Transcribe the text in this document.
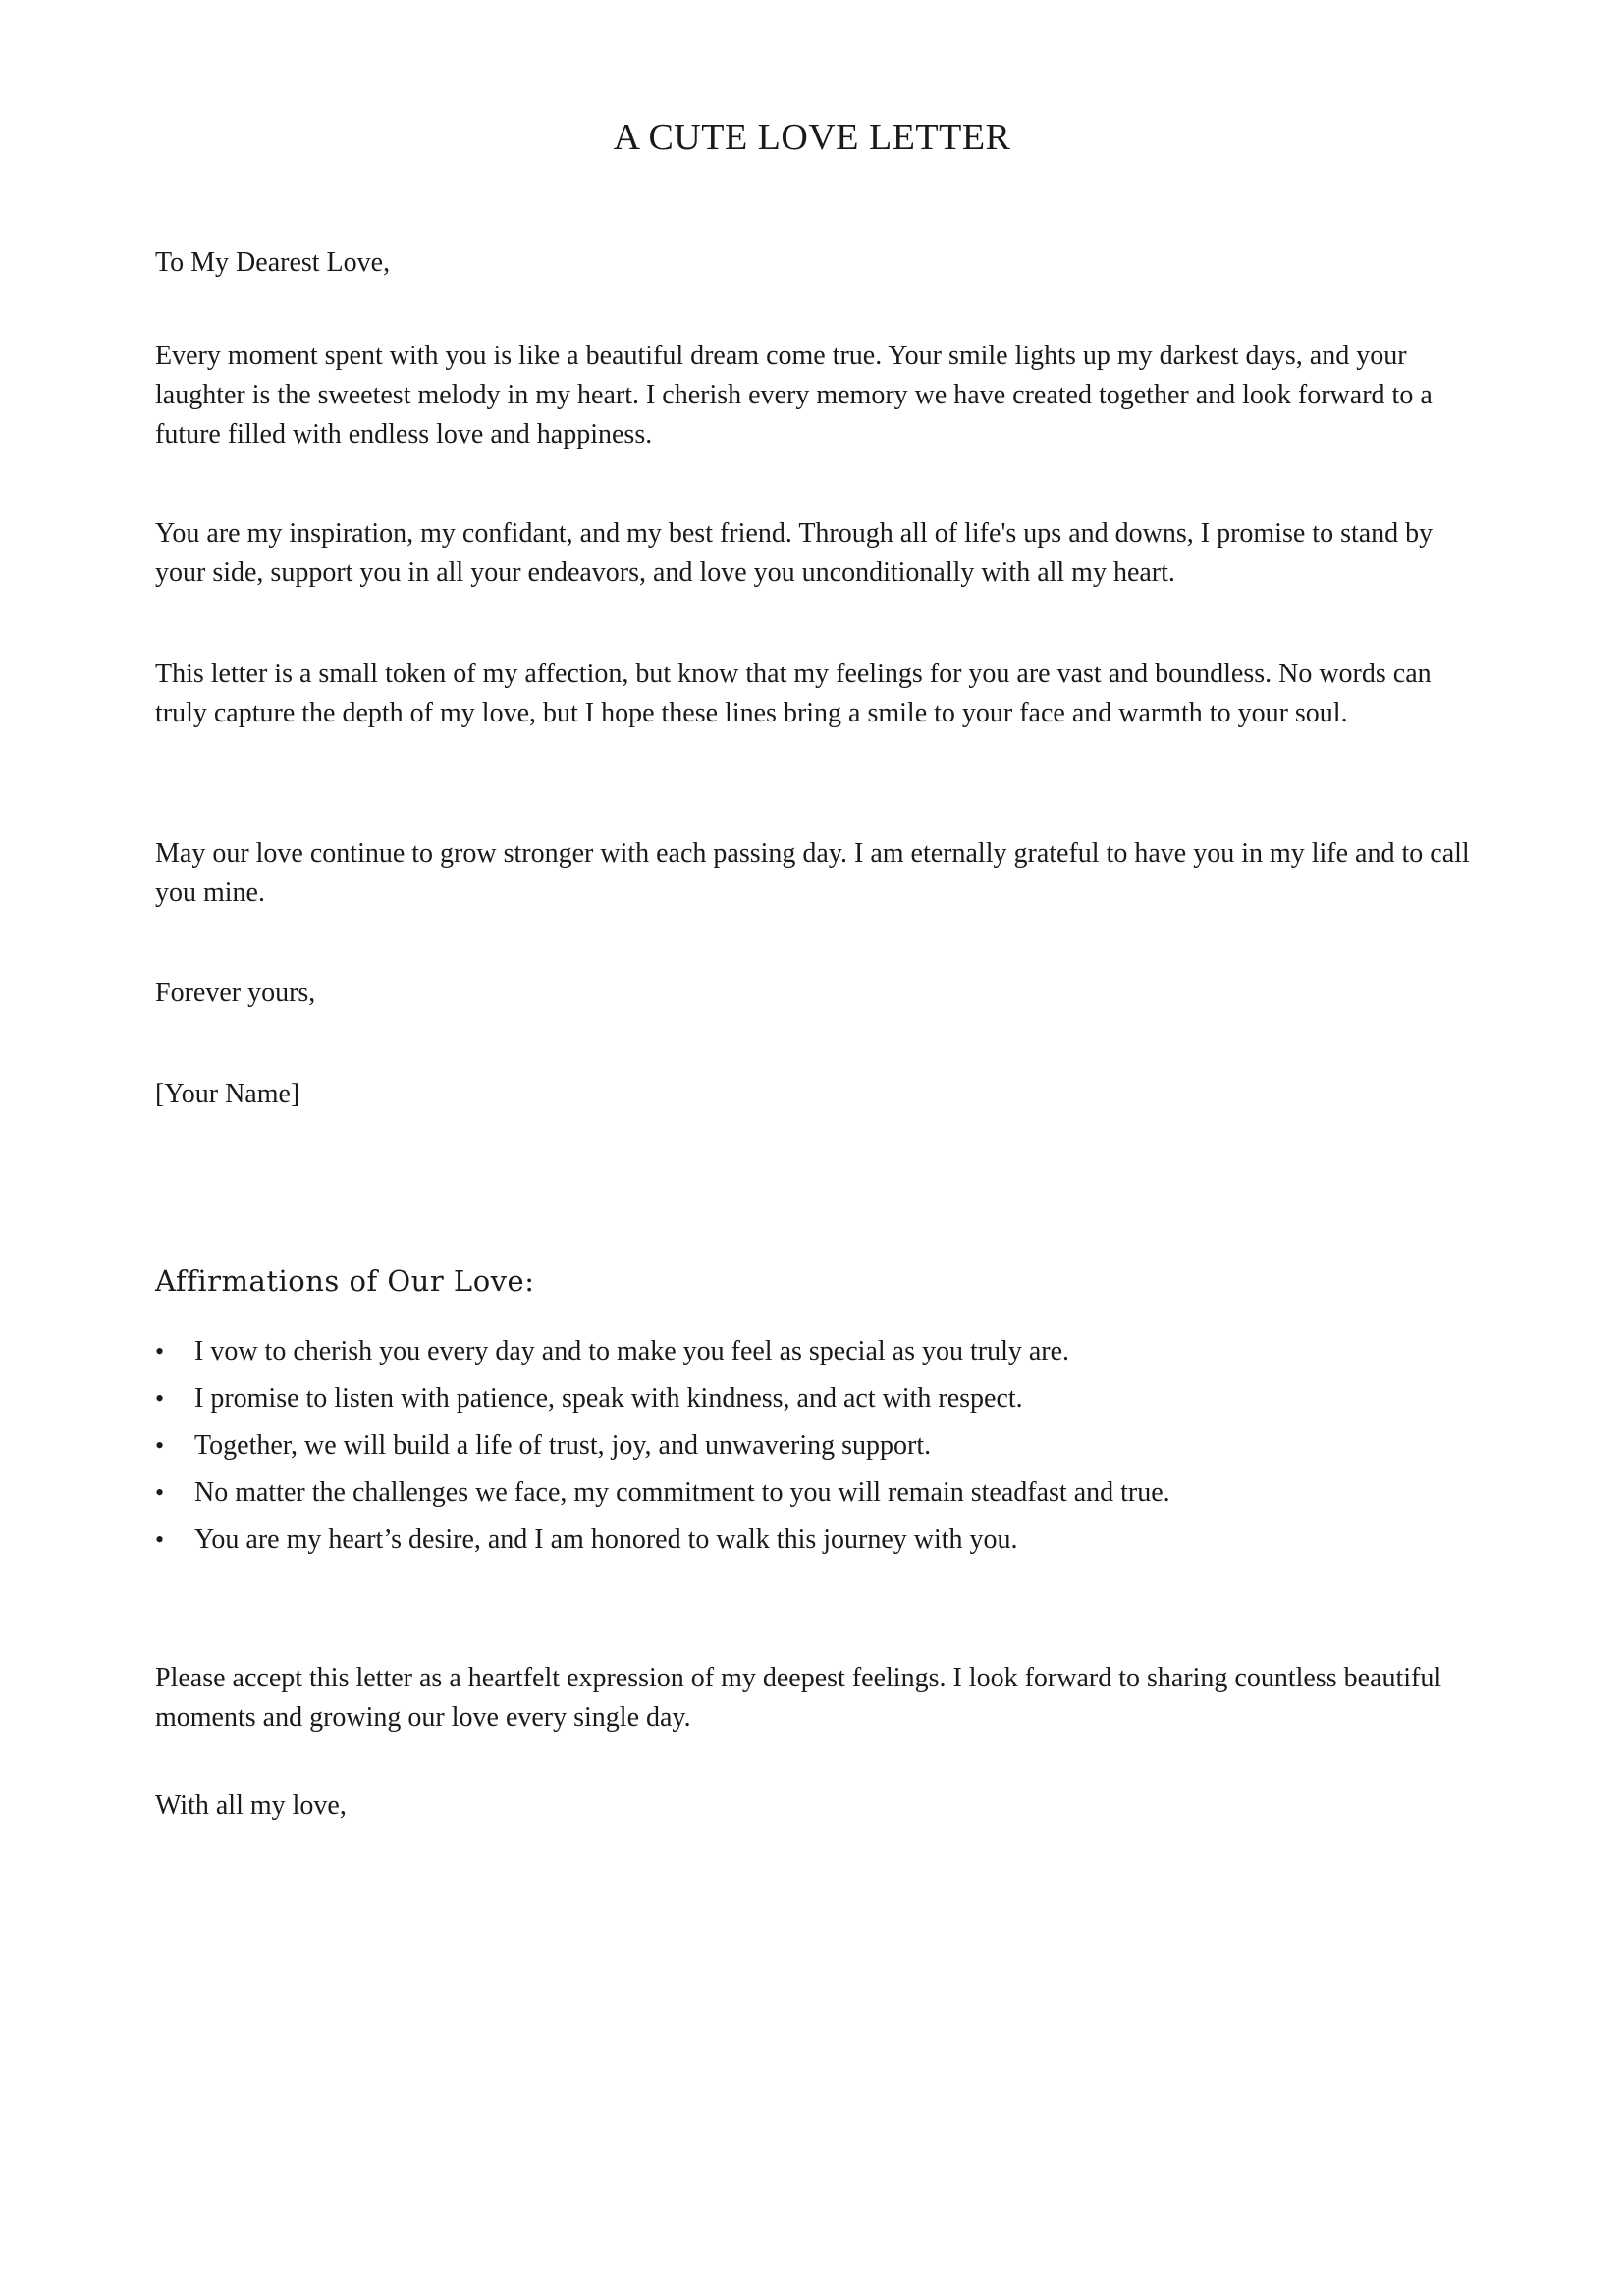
A CUTE LOVE LETTER

To My Dearest Love,

Every moment spent with you is like a beautiful dream come true. Your smile lights up my darkest days, and your laughter is the sweetest melody in my heart. I cherish every memory we have created together and look forward to a future filled with endless love and happiness.

You are my inspiration, my confidant, and my best friend. Through all of life's ups and downs, I promise to stand by your side, support you in all your endeavors, and love you unconditionally with all my heart.

This letter is a small token of my affection, but know that my feelings for you are vast and boundless. No words can truly capture the depth of my love, but I hope these lines bring a smile to your face and warmth to your soul.

May our love continue to grow stronger with each passing day. I am eternally grateful to have you in my life and to call you mine.

Forever yours,

[Your Name]

Affirmations of Our Love:
• I vow to cherish you every day and to make you feel as special as you truly are.
• I promise to listen with patience, speak with kindness, and act with respect.
• Together, we will build a life of trust, joy, and unwavering support.
• No matter the challenges we face, my commitment to you will remain steadfast and true.
• You are my heart’s desire, and I am honored to walk this journey with you.

Please accept this letter as a heartfelt expression of my deepest feelings. I look forward to sharing countless beautiful moments and growing our love every single day.

With all my love,
